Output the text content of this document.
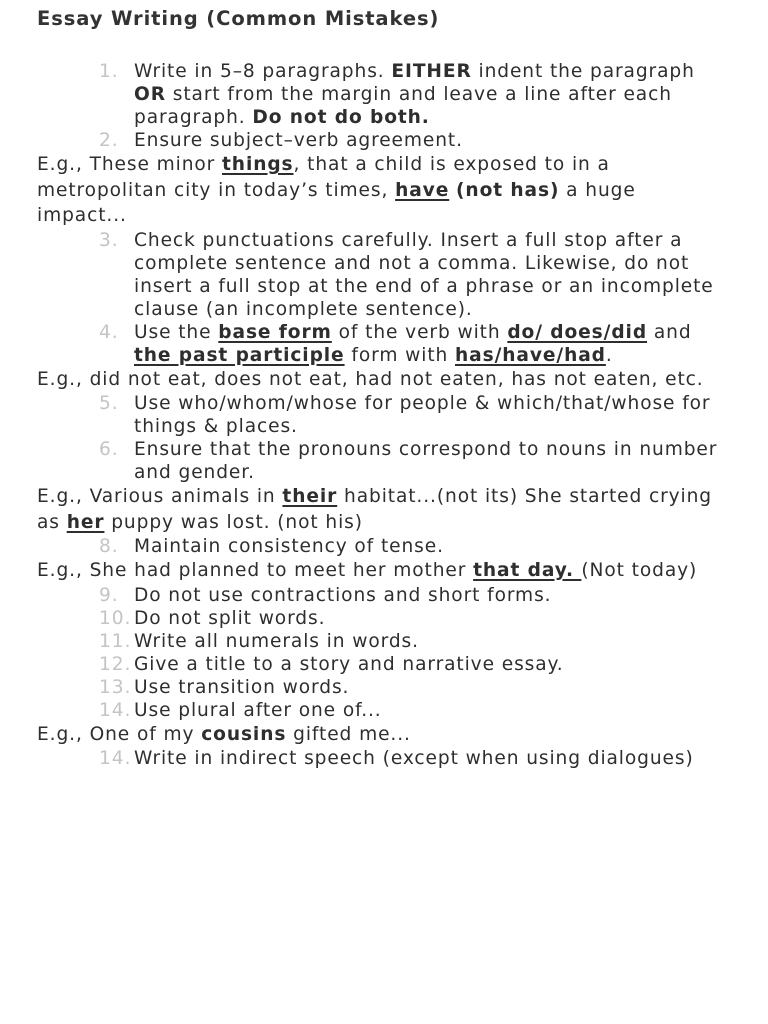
Essay Writing (Common Mistakes)
1. Write in 5–8 paragraphs. EITHER indent the paragraph OR start from the margin and leave a line after each paragraph. Do not do both.
2. Ensure subject–verb agreement.
E.g., These minor things, that a child is exposed to in a metropolitan city in today’s times, have (not has) a huge impact...
3. Check punctuations carefully. Insert a full stop after a complete sentence and not a comma. Likewise, do not insert a full stop at the end of a phrase or an incomplete clause (an incomplete sentence).
4. Use the base form of the verb with do/ does/did and the past participle form with has/have/had.
E.g., did not eat, does not eat, had not eaten, has not eaten, etc.
5. Use who/whom/whose for people & which/that/whose for things & places.
6. Ensure that the pronouns correspond to nouns in number and gender.
E.g., Various animals in their habitat...(not its) She started crying as her puppy was lost. (not his)
8. Maintain consistency of tense.
E.g., She had planned to meet her mother that day. (Not today)
9. Do not use contractions and short forms.
10. Do not split words.
11. Write all numerals in words.
12. Give a title to a story and narrative essay.
13. Use transition words.
14. Use plural after one of...
E.g., One of my cousins gifted me...
14. Write in indirect speech (except when using dialogues)
